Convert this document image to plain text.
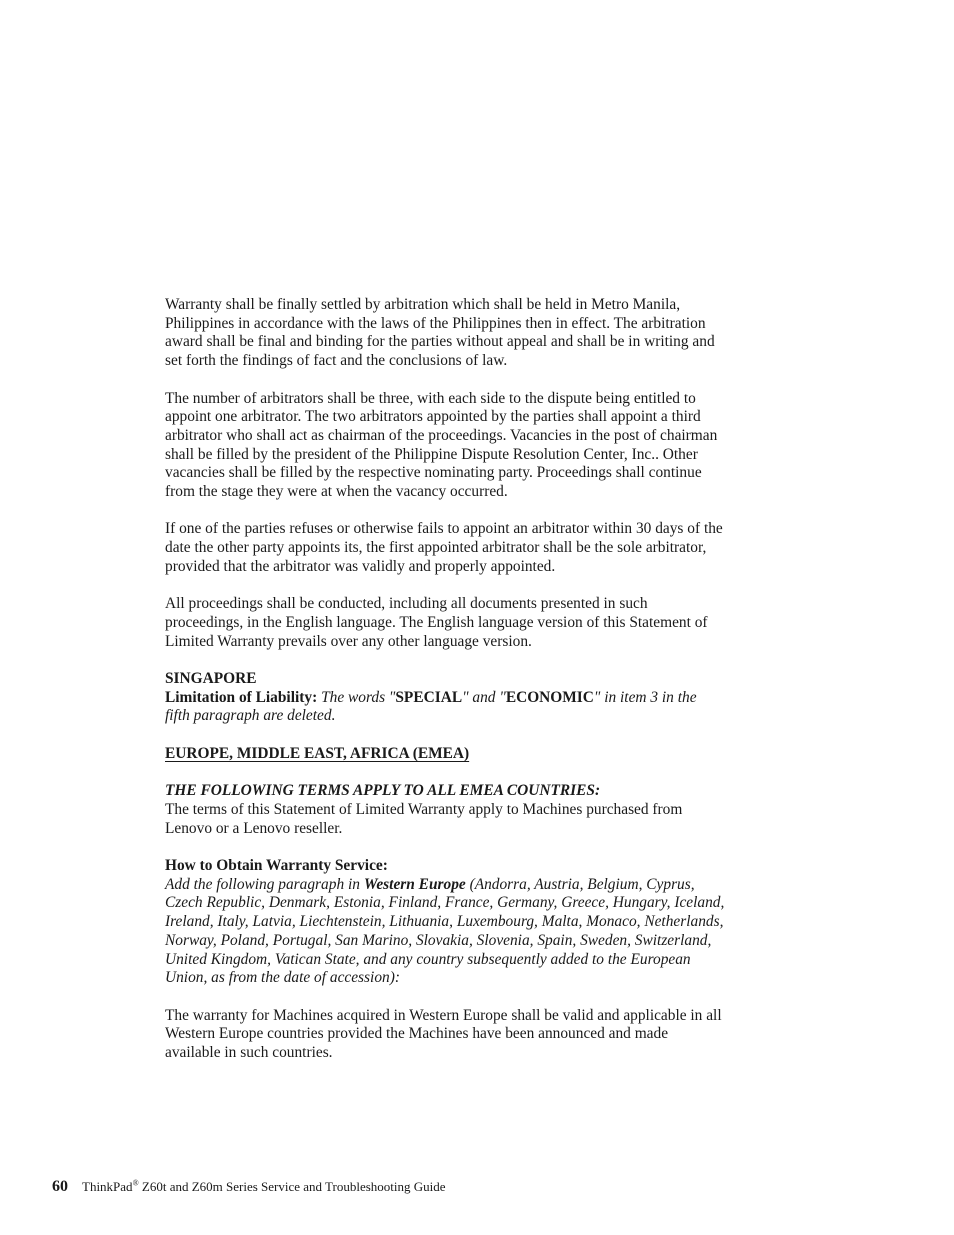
Warranty shall be finally settled by arbitration which shall be held in Metro Manila, Philippines in accordance with the laws of the Philippines then in effect. The arbitration award shall be final and binding for the parties without appeal and shall be in writing and set forth the findings of fact and the conclusions of law.

The number of arbitrators shall be three, with each side to the dispute being entitled to appoint one arbitrator. The two arbitrators appointed by the parties shall appoint a third arbitrator who shall act as chairman of the proceedings. Vacancies in the post of chairman shall be filled by the president of the Philippine Dispute Resolution Center, Inc.. Other vacancies shall be filled by the respective nominating party. Proceedings shall continue from the stage they were at when the vacancy occurred.

If one of the parties refuses or otherwise fails to appoint an arbitrator within 30 days of the date the other party appoints its, the first appointed arbitrator shall be the sole arbitrator, provided that the arbitrator was validly and properly appointed.

All proceedings shall be conducted, including all documents presented in such proceedings, in the English language. The English language version of this Statement of Limited Warranty prevails over any other language version.

SINGAPORE

Limitation of Liability: The words "SPECIAL" and "ECONOMIC" in item 3 in the fifth paragraph are deleted.

EUROPE, MIDDLE EAST, AFRICA (EMEA)

THE FOLLOWING TERMS APPLY TO ALL EMEA COUNTRIES:

The terms of this Statement of Limited Warranty apply to Machines purchased from Lenovo or a Lenovo reseller.

How to Obtain Warranty Service:

Add the following paragraph in Western Europe (Andorra, Austria, Belgium, Cyprus, Czech Republic, Denmark, Estonia, Finland, France, Germany, Greece, Hungary, Iceland, Ireland, Italy, Latvia, Liechtenstein, Lithuania, Luxembourg, Malta, Monaco, Netherlands, Norway, Poland, Portugal, San Marino, Slovakia, Slovenia, Spain, Sweden, Switzerland, United Kingdom, Vatican State, and any country subsequently added to the European Union, as from the date of accession):

The warranty for Machines acquired in Western Europe shall be valid and applicable in all Western Europe countries provided the Machines have been announced and made available in such countries.

60 ThinkPad® Z60t and Z60m Series Service and Troubleshooting Guide
